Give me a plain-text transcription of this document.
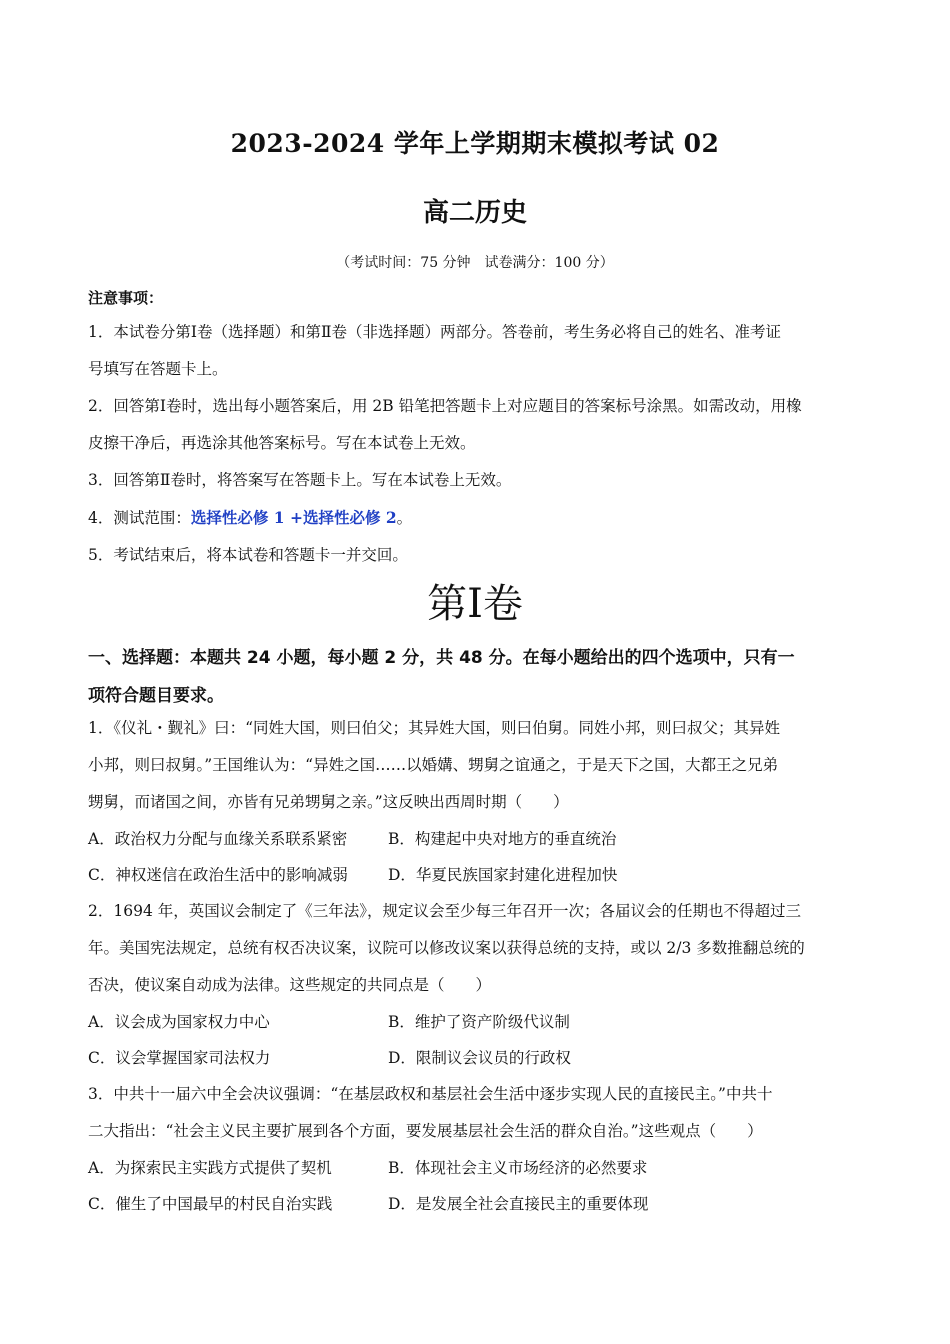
2023-2024 学年上学期期末模拟考试 02
高二历史
（考试时间：75 分钟　试卷满分：100 分）
注意事项：
1．本试卷分第Ⅰ卷（选择题）和第Ⅱ卷（非选择题）两部分。答卷前，考生务必将自己的姓名、准考证
号填写在答题卡上。
2．回答第Ⅰ卷时，选出每小题答案后，用 2B 铅笔把答题卡上对应题目的答案标号涂黑。如需改动，用橡
皮擦干净后，再选涂其他答案标号。写在本试卷上无效。
3．回答第Ⅱ卷时，将答案写在答题卡上。写在本试卷上无效。
4．测试范围：选择性必修 1 +选择性必修 2。
5．考试结束后，将本试卷和答题卡一并交回。
第Ⅰ卷
一、选择题：本题共 24 小题，每小题 2 分，共 48 分。在每小题给出的四个选项中，只有一
项符合题目要求。
1．《仪礼・觐礼》曰：“同姓大国，则曰伯父；其异姓大国，则曰伯舅。同姓小邦，则曰叔父；其异姓
小邦，则曰叔舅。”王国维认为：“异姓之国……以婚媾、甥舅之谊通之，于是天下之国，大都王之兄弟
甥舅，而诸国之间，亦皆有兄弟甥舅之亲。”这反映出西周时期（　　）
A．政治权力分配与血缘关系联系紧密	B．构建起中央对地方的垂直统治
C．神权迷信在政治生活中的影响减弱	D．华夏民族国家封建化进程加快
2．1694 年，英国议会制定了《三年法》，规定议会至少每三年召开一次；各届议会的任期也不得超过三
年。美国宪法规定，总统有权否决议案，议院可以修改议案以获得总统的支持，或以 2/3 多数推翻总统的
否决，使议案自动成为法律。这些规定的共同点是（　　）
A．议会成为国家权力中心	B．维护了资产阶级代议制
C．议会掌握国家司法权力	D．限制议会议员的行政权
3．中共十一届六中全会决议强调：“在基层政权和基层社会生活中逐步实现人民的直接民主。”中共十
二大指出：“社会主义民主要扩展到各个方面，要发展基层社会生活的群众自治。”这些观点（　　）
A．为探索民主实践方式提供了契机	B．体现社会主义市场经济的必然要求
C．催生了中国最早的村民自治实践	D．是发展全社会直接民主的重要体现
